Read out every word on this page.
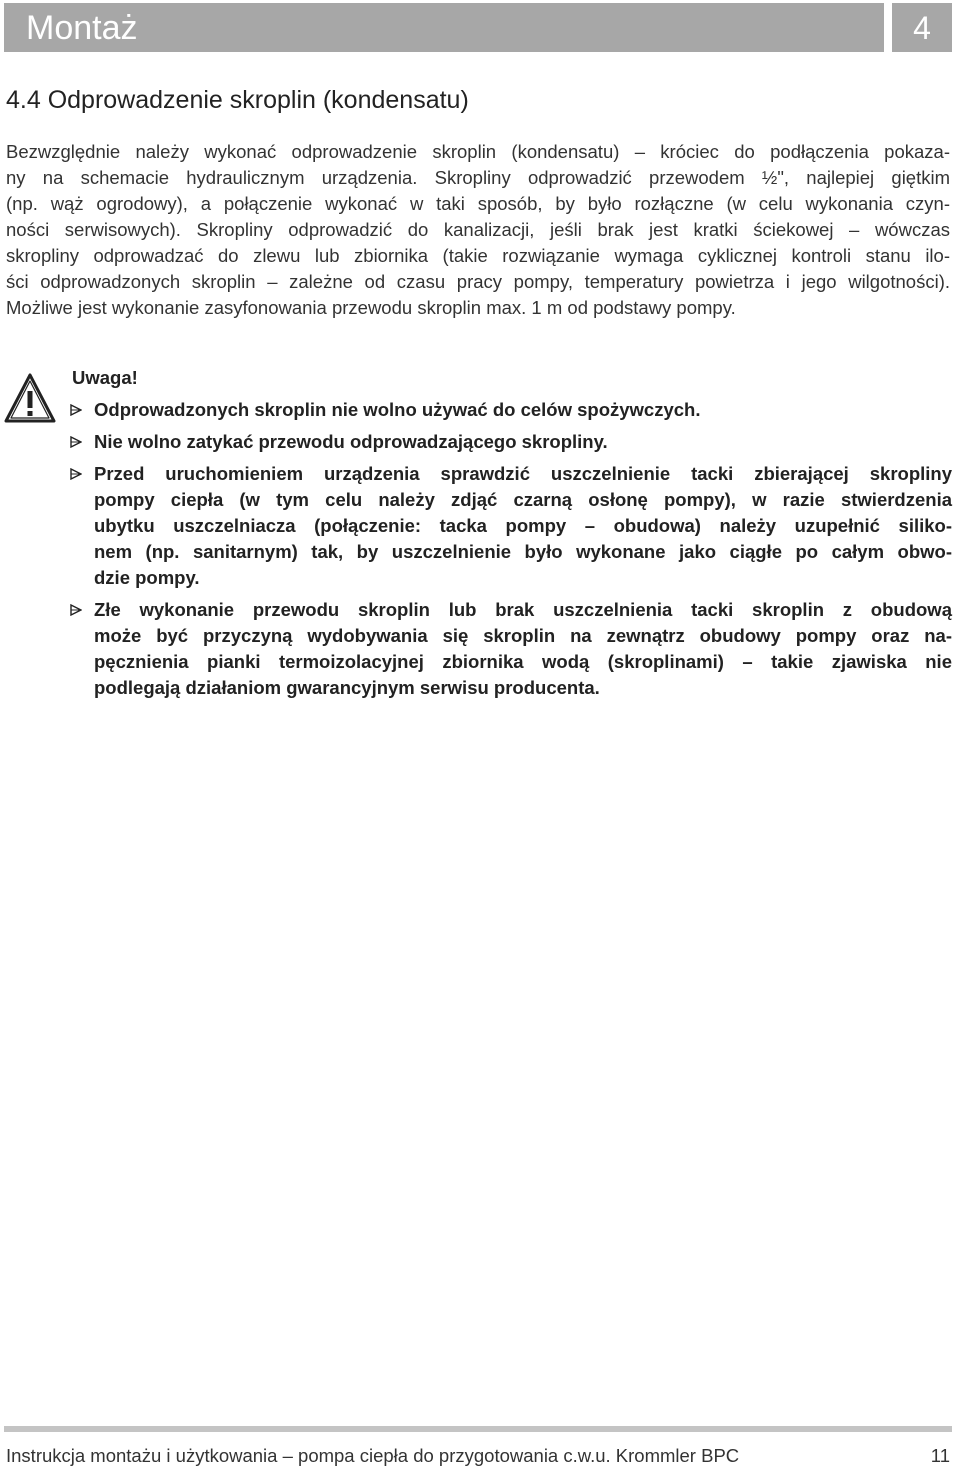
Montaż	4
4.4 Odprowadzenie skroplin (kondensatu)

Bezwzględnie należy wykonać odprowadzenie skroplin (kondensatu) – króciec do podłączenia pokaza-
ny na schemacie hydraulicznym urządzenia. Skropliny odprowadzić przewodem ½", najlepiej giętkim
(np. wąż ogrodowy), a połączenie wykonać w taki sposób, by było rozłączne (w celu wykonania czyn-
ności serwisowych). Skropliny odprowadzić do kanalizacji, jeśli brak jest kratki ściekowej – wówczas
skropliny odprowadzać do zlewu lub zbiornika (takie rozwiązanie wymaga cyklicznej kontroli stanu ilo-
ści odprowadzonych skroplin – zależne od czasu pracy pompy, temperatury powietrza i jego wilgotności).
Możliwe jest wykonanie zasyfonowania przewodu skroplin max. 1 m od podstawy pompy.

Uwaga!
Odprowadzonych skroplin nie wolno używać do celów spożywczych.
Nie wolno zatykać przewodu odprowadzającego skropliny.
Przed uruchomieniem urządzenia sprawdzić uszczelnienie tacki zbierającej skropliny
pompy ciepła (w tym celu należy zdjąć czarną osłonę pompy), w razie stwierdzenia
ubytku uszczelniacza (połączenie: tacka pompy – obudowa) należy uzupełnić siliko-
nem (np. sanitarnym) tak, by uszczelnienie było wykonane jako ciągłe po całym obwo-
dzie pompy.
Złe wykonanie przewodu skroplin lub brak uszczelnienia tacki skroplin z obudową
może być przyczyną wydobywania się skroplin na zewnątrz obudowy pompy oraz na-
pęcznienia pianki termoizolacyjnej zbiornika wodą (skroplinami) – takie zjawiska nie
podlegają działaniom gwarancyjnym serwisu producenta.
Instrukcja montażu i użytkowania – pompa ciepła do przygotowania c.w.u. Krommler BPC	11
